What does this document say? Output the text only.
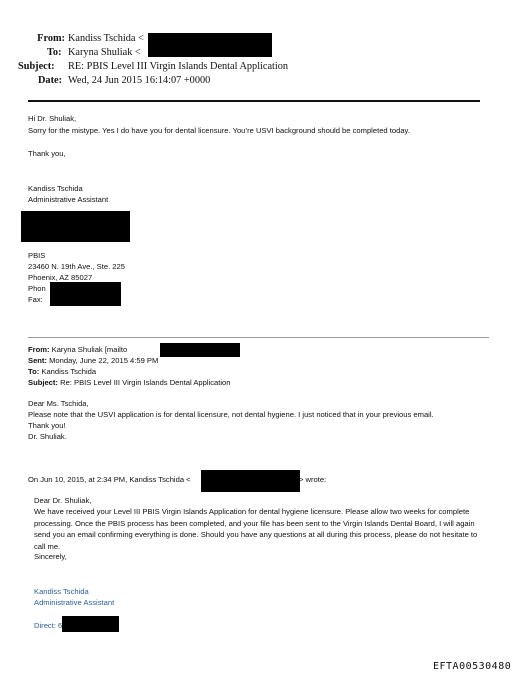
From: Kandiss Tschida <
To: Karyna Shuliak <
Subject: RE: PBIS Level III Virgin Islands Dental Application
Date: Wed, 24 Jun 2015 16:14:07 +0000
Hi Dr. Shuliak,
Sorry for the mistype. Yes I do have you for dental licensure. You’re USVI background should be completed today.
Thank you,
Kandiss Tschida
Administrative Assistant
PBIS
23460 N. 19th Ave., Ste. 225
Phoenix, AZ 85027
Phon
Fax:
From: Karyna Shuliak [mailto
Sent: Monday, June 22, 2015 4:59 PM
To: Kandiss Tschida
Subject: Re: PBIS Level III Virgin Islands Dental Application
Dear Ms. Tschida,
Please note that the USVI application is for dental licensure, not dental hygiene. I just noticed that in your previous email.
Thank you!
Dr. Shuliak.
On Jun 10, 2015, at 2:34 PM, Kandiss Tschida <	> wrote:
Dear Dr. Shuliak,
We have received your Level III PBIS Virgin Islands Application for dental hygiene licensure. Please allow two weeks for complete processing. Once the PBIS process has been completed, and your file has been sent to the Virgin Islands Dental Board, I will again send you an email confirming everything is done. Should you have any questions at all during this process, please do not hesitate to call me.
Sincerely,
Kandiss Tschida
Administrative Assistant
Direct: 6
EFTA00530480
